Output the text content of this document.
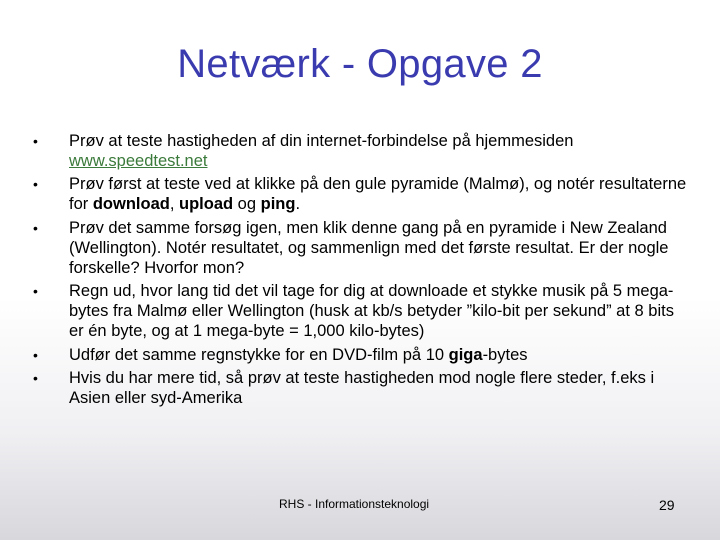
Netværk - Opgave 2
• Prøv at teste hastigheden af din internet-forbindelse på hjemmesiden
www.speedtest.net
• Prøv først at teste ved at klikke på den gule pyramide (Malmø), og notér resultaterne for download, upload og ping.
• Prøv det samme forsøg igen, men klik denne gang på en pyramide i New Zealand (Wellington). Notér resultatet, og sammenlign med det første resultat. Er der nogle forskelle? Hvorfor mon?
• Regn ud, hvor lang tid det vil tage for dig at downloade et stykke musik på 5 mega-bytes fra Malmø eller Wellington (husk at kb/s betyder ”kilo-bit per sekund” at 8 bits er én byte, og at 1 mega-byte = 1,000 kilo-bytes)
• Udfør det samme regnstykke for en DVD-film på 10 giga-bytes
• Hvis du har mere tid, så prøv at teste hastigheden mod nogle flere steder, f.eks i Asien eller syd-Amerika
RHS - Informationsteknologi	29
